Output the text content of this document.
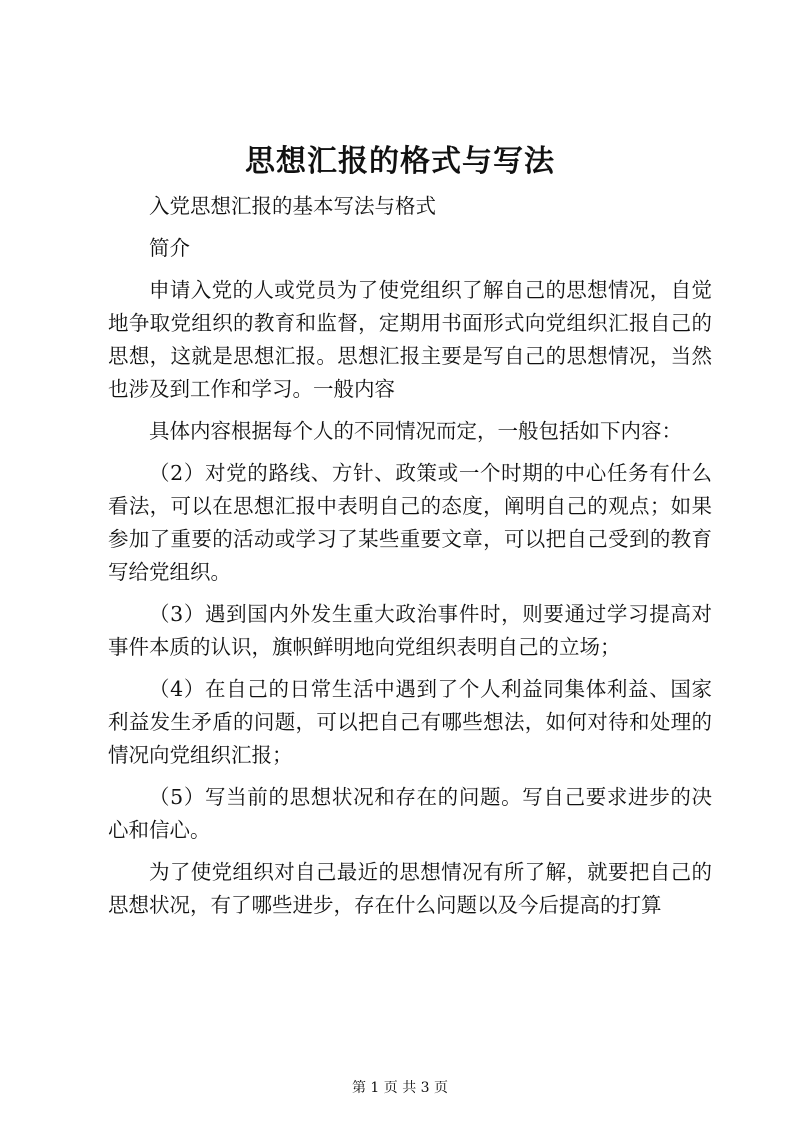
思想汇报的格式与写法

入党思想汇报的基本写法与格式

简介

申请入党的人或党员为了使党组织了解自己的思想情况，自觉地争取党组织的教育和监督，定期用书面形式向党组织汇报自己的思想，这就是思想汇报。思想汇报主要是写自己的思想情况，当然也涉及到工作和学习。一般内容

具体内容根据每个人的不同情况而定，一般包括如下内容：

（2）对党的路线、方针、政策或一个时期的中心任务有什么看法，可以在思想汇报中表明自己的态度，阐明自己的观点；如果参加了重要的活动或学习了某些重要文章，可以把自己受到的教育写给党组织。

（3）遇到国内外发生重大政治事件时，则要通过学习提高对事件本质的认识，旗帜鲜明地向党组织表明自己的立场；

（4）在自己的日常生活中遇到了个人利益同集体利益、国家利益发生矛盾的问题，可以把自己有哪些想法，如何对待和处理的情况向党组织汇报；

（5）写当前的思想状况和存在的问题。写自己要求进步的决心和信心。

为了使党组织对自己最近的思想情况有所了解，就要把自己的思想状况，有了哪些进步，存在什么问题以及今后提高的打算

第 1 页 共 3 页
